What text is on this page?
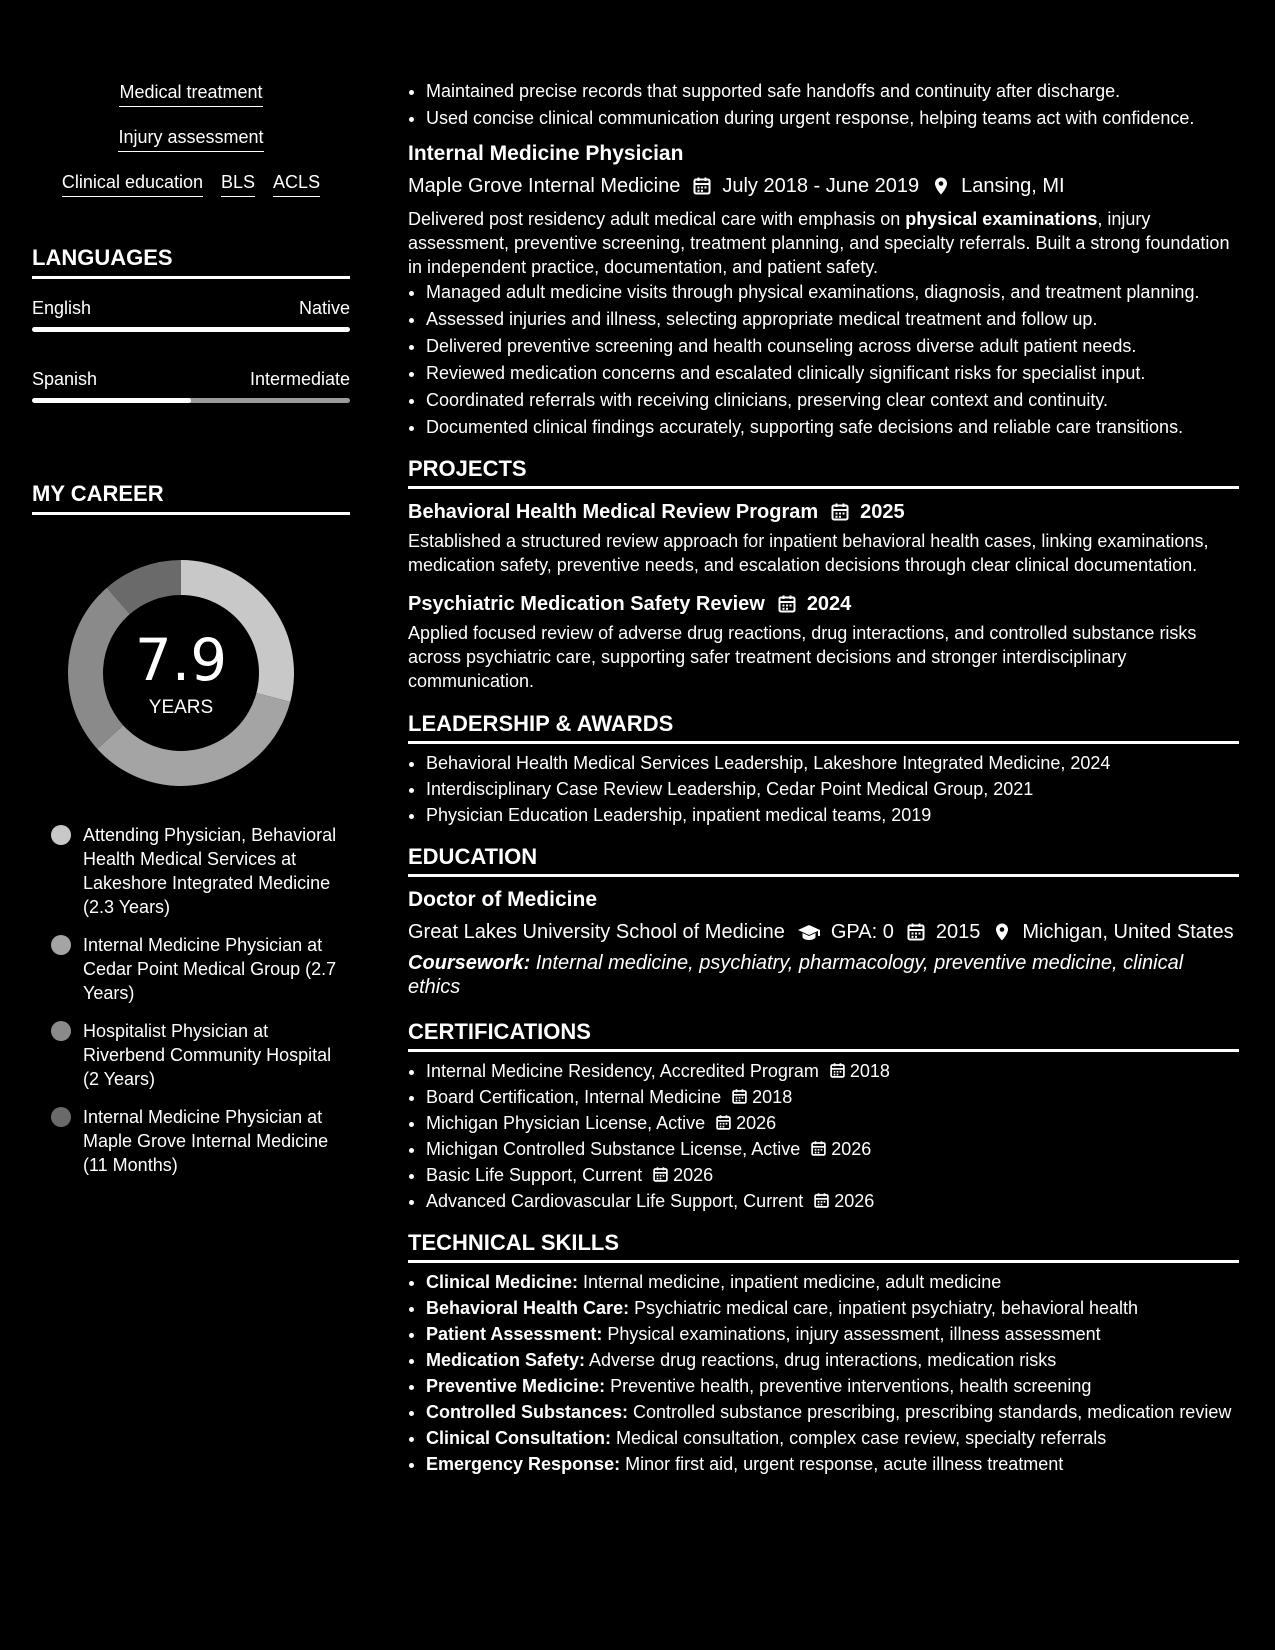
Medical treatment
Injury assessment
Clinical education BLS ACLS
LANGUAGES
English	Native
Spanish	Intermediate
MY CAREER
7.9
YEARS
Attending Physician, Behavioral Health Medical Services at Lakeshore Integrated Medicine (2.3 Years)
Internal Medicine Physician at Cedar Point Medical Group (2.7 Years)
Hospitalist Physician at Riverbend Community Hospital (2 Years)
Internal Medicine Physician at Maple Grove Internal Medicine (11 Months)
• Maintained precise records that supported safe handoffs and continuity after discharge.
• Used concise clinical communication during urgent response, helping teams act with confidence.
Internal Medicine Physician
Maple Grove Internal Medicine July 2018 - June 2019 Lansing, MI
Delivered post residency adult medical care with emphasis on physical examinations, injury assessment, preventive screening, treatment planning, and specialty referrals. Built a strong foundation in independent practice, documentation, and patient safety.
• Managed adult medicine visits through physical examinations, diagnosis, and treatment planning.
• Assessed injuries and illness, selecting appropriate medical treatment and follow up.
• Delivered preventive screening and health counseling across diverse adult patient needs.
• Reviewed medication concerns and escalated clinically significant risks for specialist input.
• Coordinated referrals with receiving clinicians, preserving clear context and continuity.
• Documented clinical findings accurately, supporting safe decisions and reliable care transitions.
PROJECTS
Behavioral Health Medical Review Program 2025
Established a structured review approach for inpatient behavioral health cases, linking examinations, medication safety, preventive needs, and escalation decisions through clear clinical documentation.
Psychiatric Medication Safety Review 2024
Applied focused review of adverse drug reactions, drug interactions, and controlled substance risks across psychiatric care, supporting safer treatment decisions and stronger interdisciplinary communication.
LEADERSHIP & AWARDS
• Behavioral Health Medical Services Leadership, Lakeshore Integrated Medicine, 2024
• Interdisciplinary Case Review Leadership, Cedar Point Medical Group, 2021
• Physician Education Leadership, inpatient medical teams, 2019
EDUCATION
Doctor of Medicine
Great Lakes University School of Medicine GPA: 0 2015 Michigan, United States
Coursework: Internal medicine, psychiatry, pharmacology, preventive medicine, clinical ethics
CERTIFICATIONS
• Internal Medicine Residency, Accredited Program 2018
• Board Certification, Internal Medicine 2018
• Michigan Physician License, Active 2026
• Michigan Controlled Substance License, Active 2026
• Basic Life Support, Current 2026
• Advanced Cardiovascular Life Support, Current 2026
TECHNICAL SKILLS
• Clinical Medicine: Internal medicine, inpatient medicine, adult medicine
• Behavioral Health Care: Psychiatric medical care, inpatient psychiatry, behavioral health
• Patient Assessment: Physical examinations, injury assessment, illness assessment
• Medication Safety: Adverse drug reactions, drug interactions, medication risks
• Preventive Medicine: Preventive health, preventive interventions, health screening
• Controlled Substances: Controlled substance prescribing, prescribing standards, medication review
• Clinical Consultation: Medical consultation, complex case review, specialty referrals
• Emergency Response: Minor first aid, urgent response, acute illness treatment
